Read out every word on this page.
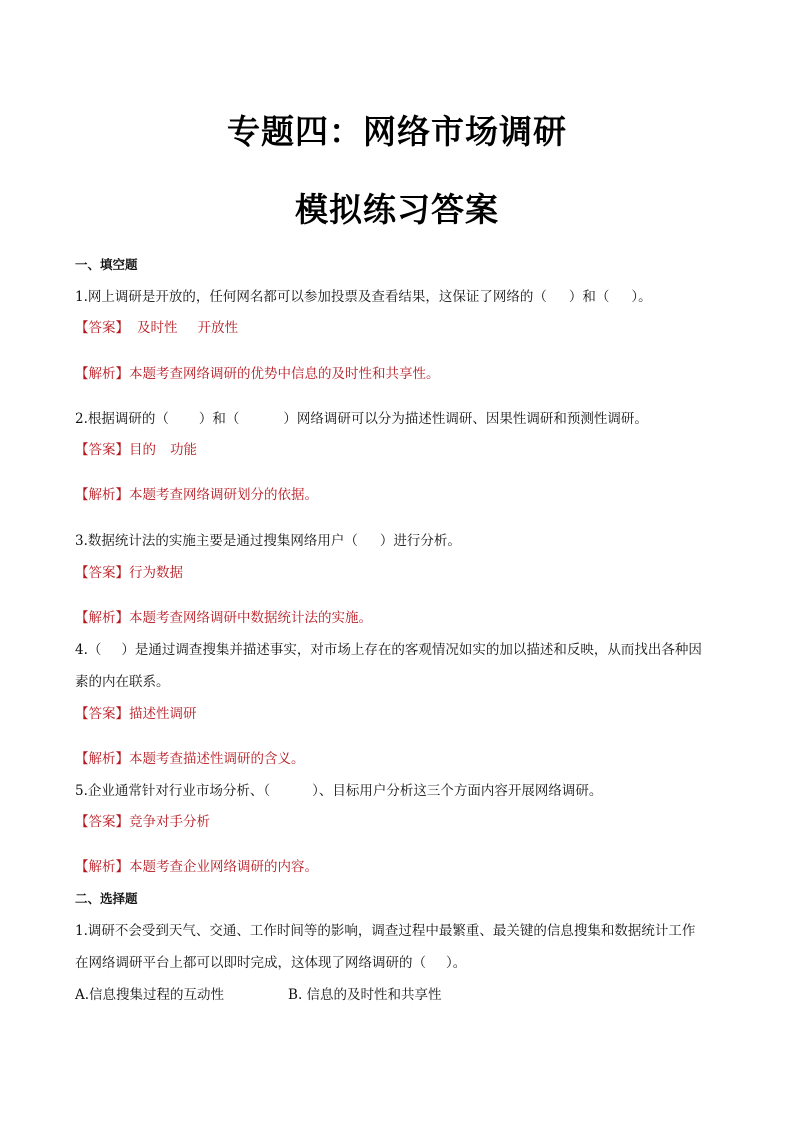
专题四：网络市场调研
模拟练习答案
一、填空题
1.网上调研是开放的，任何网名都可以参加投票及查看结果，这保证了网络的（ ）和（ ）。
【答案】 及时性 开放性
【解析】本题考查网络调研的优势中信息的及时性和共享性。
2.根据调研的（ ）和（	）网络调研可以分为描述性调研、因果性调研和预测性调研。
【答案】目的 功能
【解析】本题考查网络调研划分的依据。
3.数据统计法的实施主要是通过搜集网络用户（ ）进行分析。
【答案】行为数据
【解析】本题考查网络调研中数据统计法的实施。
4.（ ）是通过调查搜集并描述事实，对市场上存在的客观情况如实的加以描述和反映，从而找出各种因
素的内在联系。
【答案】描述性调研
【解析】本题考查描述性调研的含义。
5.企业通常针对行业市场分析、（	）、目标用户分析这三个方面内容开展网络调研。
【答案】竞争对手分析
【解析】本题考查企业网络调研的内容。
二、选择题
1.调研不会受到天气、交通、工作时间等的影响，调查过程中最繁重、最关键的信息搜集和数据统计工作
在网络调研平台上都可以即时完成，这体现了网络调研的（ ）。
A.信息搜集过程的互动性	B. 信息的及时性和共享性
